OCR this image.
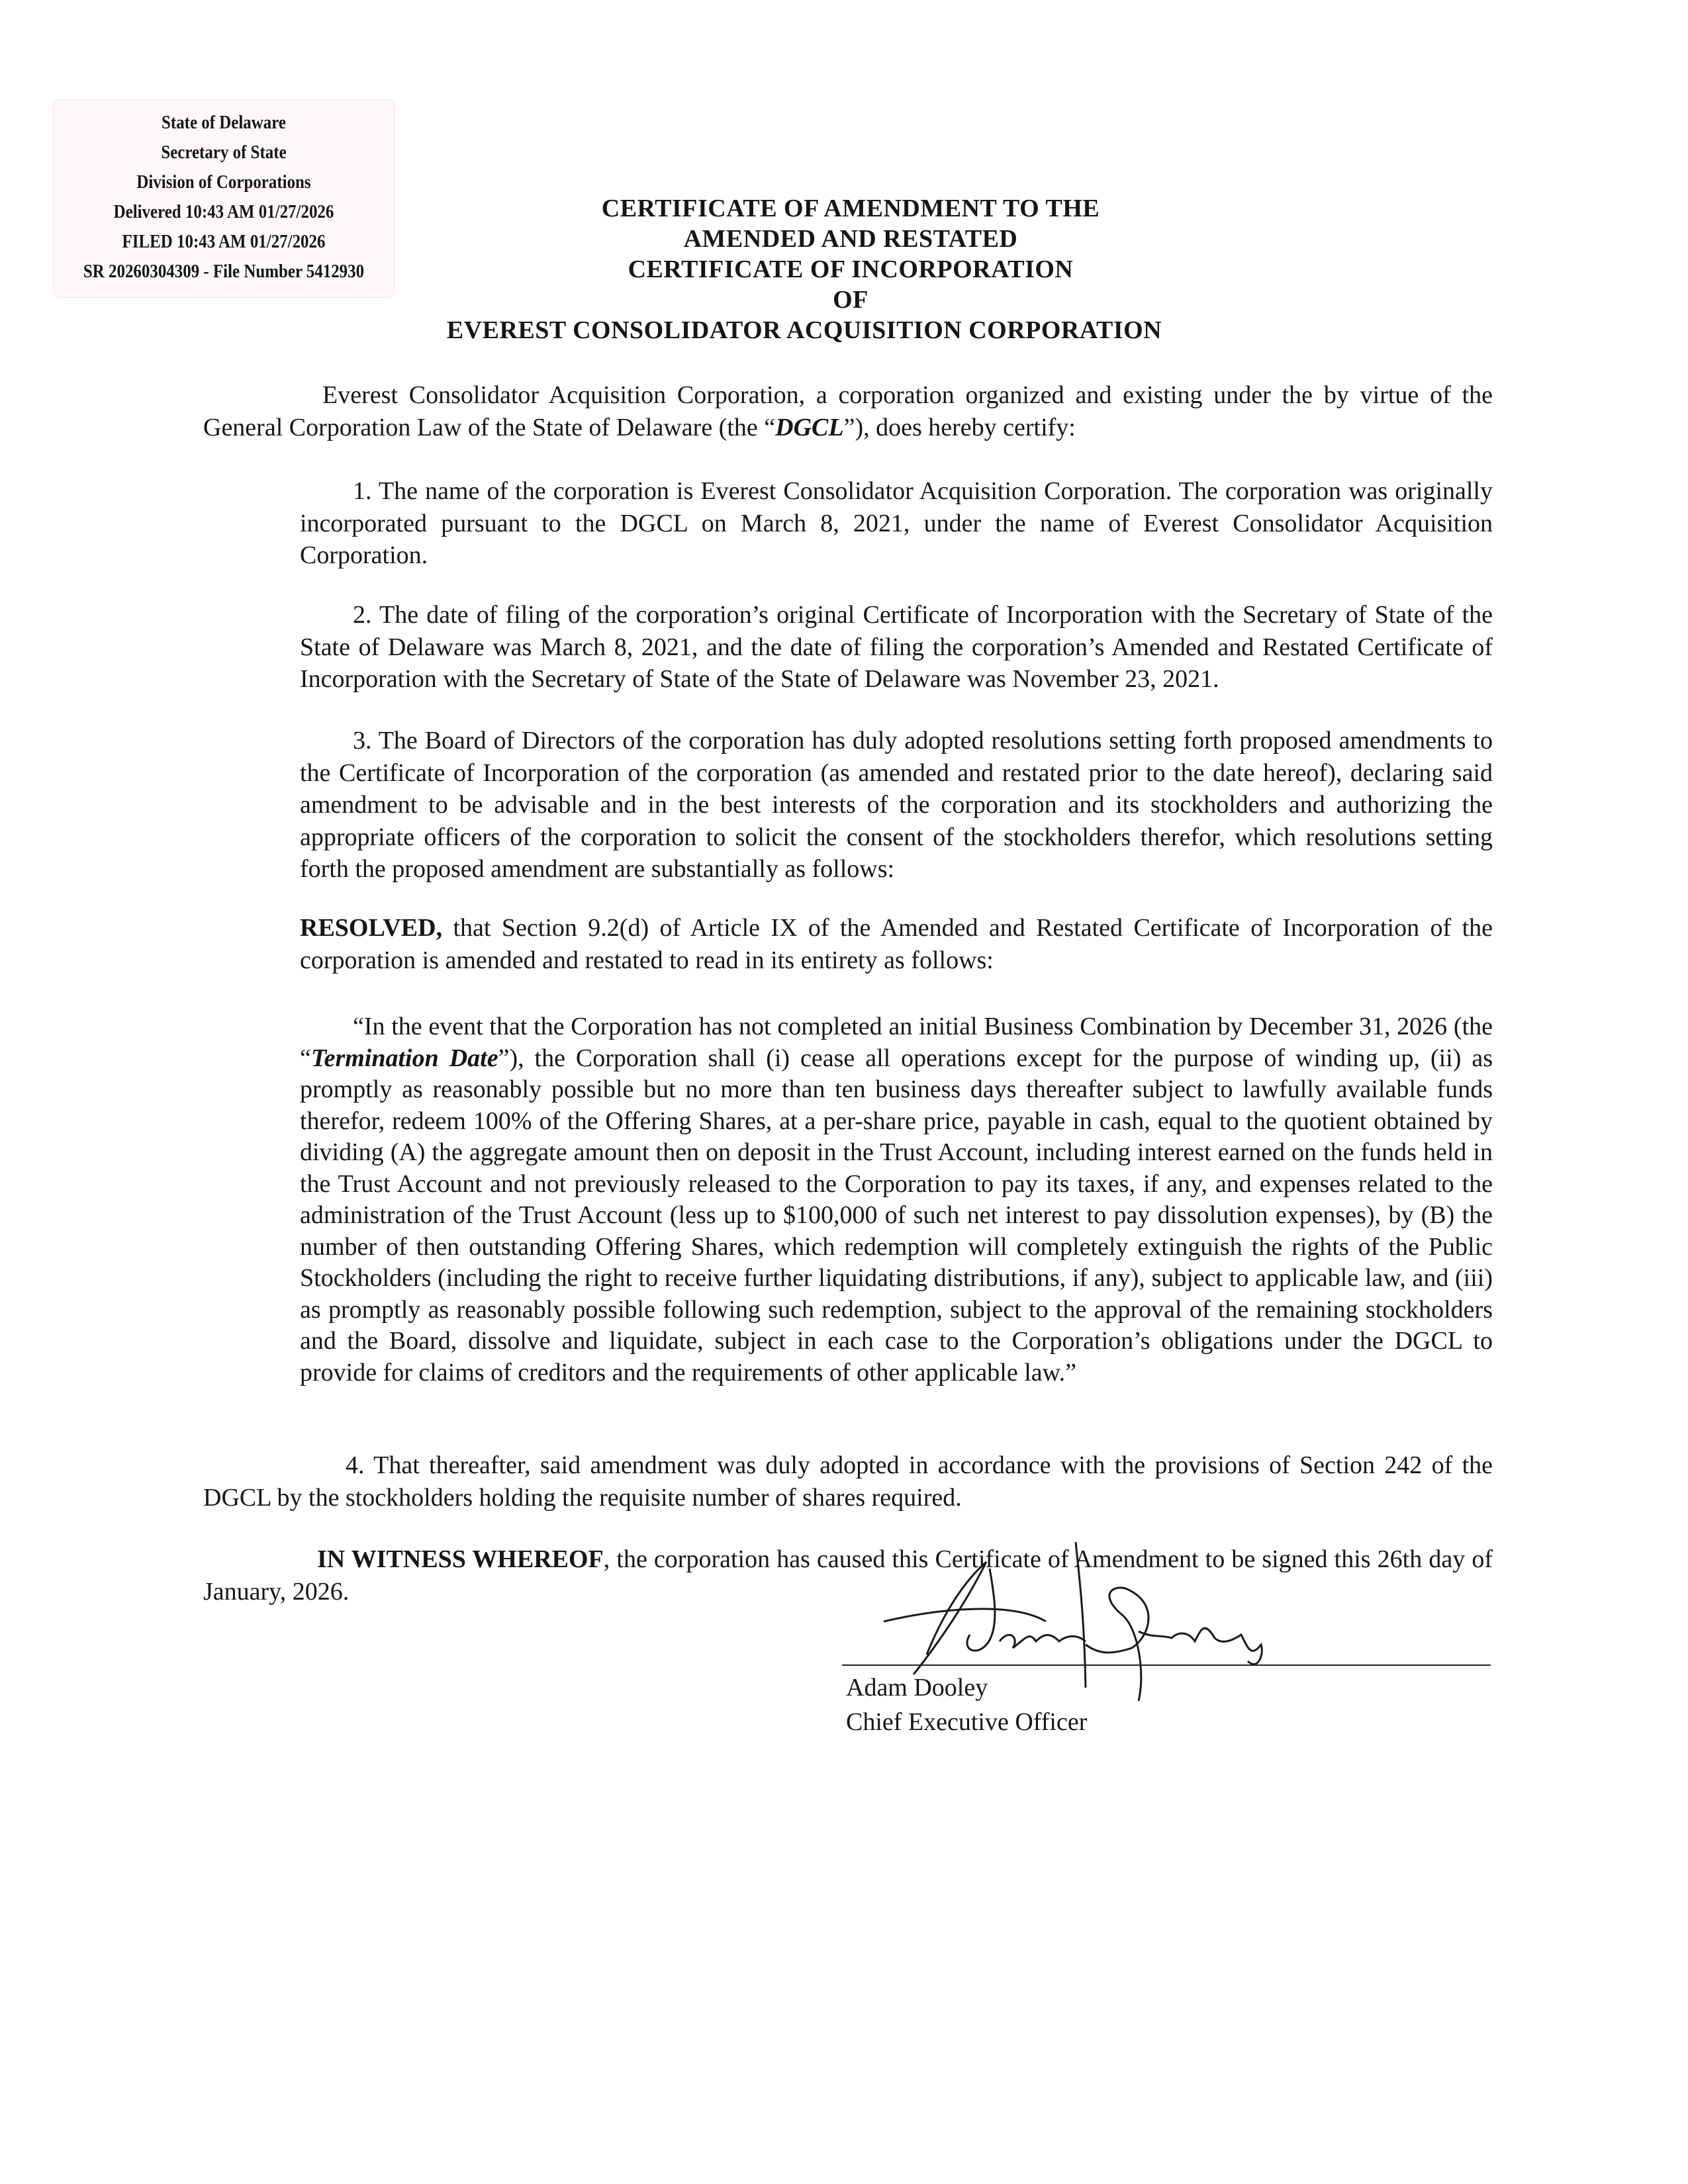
State of Delaware
Secretary of State
Division of Corporations
Delivered 10:43 AM 01/27/2026
FILED 10:43 AM 01/27/2026
SR 20260304309 - File Number 5412930
CERTIFICATE OF AMENDMENT TO THE
AMENDED AND RESTATED
CERTIFICATE OF INCORPORATION
OF
EVEREST CONSOLIDATOR ACQUISITION CORPORATION

Everest Consolidator Acquisition Corporation, a corporation organized and existing under the by virtue of the General Corporation Law of the State of Delaware (the “DGCL”), does hereby certify:

1. The name of the corporation is Everest Consolidator Acquisition Corporation. The corporation was originally incorporated pursuant to the DGCL on March 8, 2021, under the name of Everest Consolidator Acquisition Corporation.

2. The date of filing of the corporation’s original Certificate of Incorporation with the Secretary of State of the State of Delaware was March 8, 2021, and the date of filing the corporation’s Amended and Restated Certificate of Incorporation with the Secretary of State of the State of Delaware was November 23, 2021.

3. The Board of Directors of the corporation has duly adopted resolutions setting forth proposed amendments to the Certificate of Incorporation of the corporation (as amended and restated prior to the date hereof), declaring said amendment to be advisable and in the best interests of the corporation and its stockholders and authorizing the appropriate officers of the corporation to solicit the consent of the stockholders therefor, which resolutions setting forth the proposed amendment are substantially as follows:

RESOLVED, that Section 9.2(d) of Article IX of the Amended and Restated Certificate of Incorporation of the corporation is amended and restated to read in its entirety as follows:

“In the event that the Corporation has not completed an initial Business Combination by December 31, 2026 (the “Termination Date”), the Corporation shall (i) cease all operations except for the purpose of winding up, (ii) as promptly as reasonably possible but no more than ten business days thereafter subject to lawfully available funds therefor, redeem 100% of the Offering Shares, at a per-share price, payable in cash, equal to the quotient obtained by dividing (A) the aggregate amount then on deposit in the Trust Account, including interest earned on the funds held in the Trust Account and not previously released to the Corporation to pay its taxes, if any, and expenses related to the administration of the Trust Account (less up to $100,000 of such net interest to pay dissolution expenses), by (B) the number of then outstanding Offering Shares, which redemption will completely extinguish the rights of the Public Stockholders (including the right to receive further liquidating distributions, if any), subject to applicable law, and (iii) as promptly as reasonably possible following such redemption, subject to the approval of the remaining stockholders and the Board, dissolve and liquidate, subject in each case to the Corporation’s obligations under the DGCL to provide for claims of creditors and the requirements of other applicable law.”

4. That thereafter, said amendment was duly adopted in accordance with the provisions of Section 242 of the DGCL by the stockholders holding the requisite number of shares required.

IN WITNESS WHEREOF, the corporation has caused this Certificate of Amendment to be signed this 26th day of January, 2026.

Adam Dooley
Chief Executive Officer
